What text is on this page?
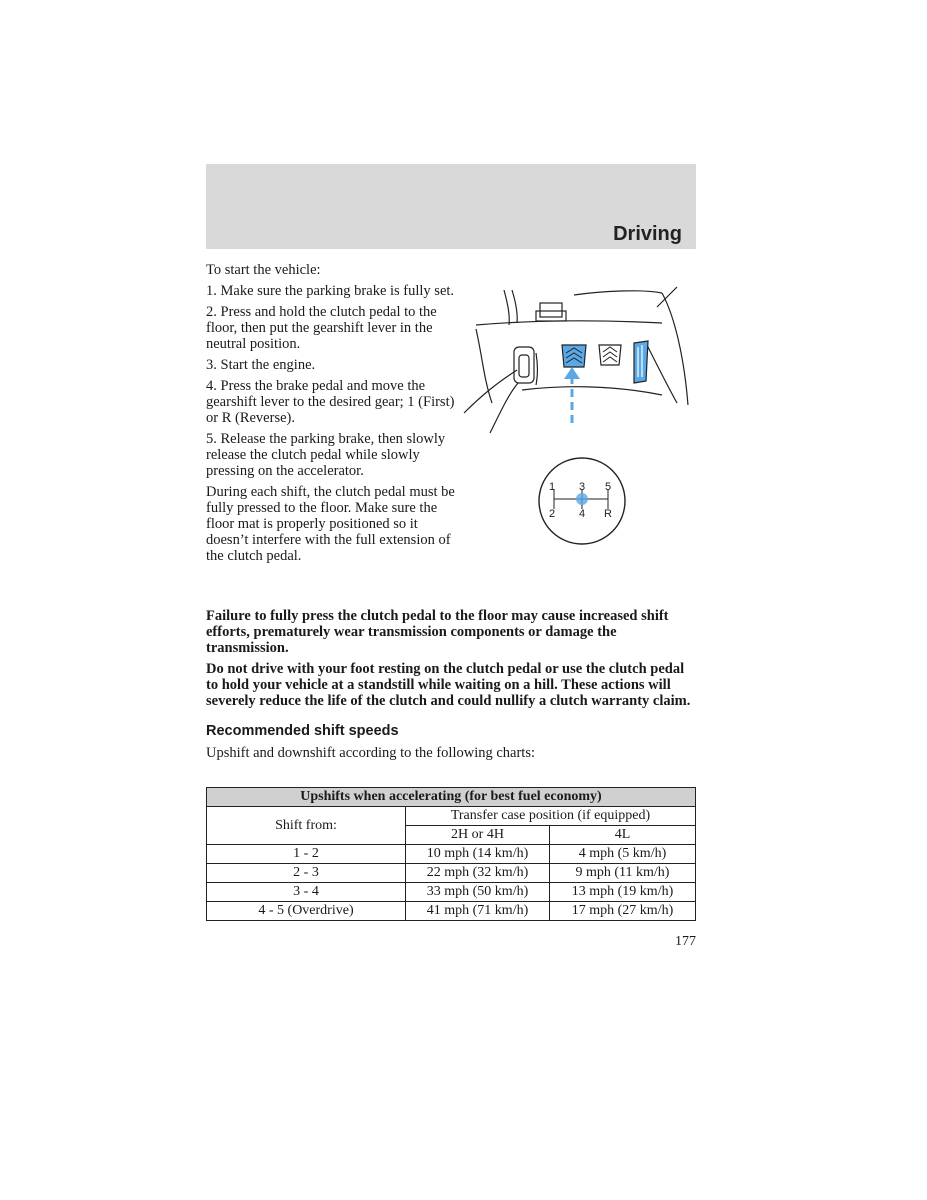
Driving

To start the vehicle:

1. Make sure the parking brake is fully set.

2. Press and hold the clutch pedal to the floor, then put the gearshift lever in the neutral position.

3. Start the engine.

4. Press the brake pedal and move the gearshift lever to the desired gear; 1 (First) or R (Reverse).

5. Release the parking brake, then slowly release the clutch pedal while slowly pressing on the accelerator.

During each shift, the clutch pedal must be fully pressed to the floor. Make sure the floor mat is properly positioned so it doesn’t interfere with the full extension of the clutch pedal.

1 3 5
2 4 R

Failure to fully press the clutch pedal to the floor may cause increased shift efforts, prematurely wear transmission components or damage the transmission.

Do not drive with your foot resting on the clutch pedal or use the clutch pedal to hold your vehicle at a standstill while waiting on a hill. These actions will severely reduce the life of the clutch and could nullify a clutch warranty claim.

Recommended shift speeds

Upshift and downshift according to the following charts:

Upshifts when accelerating (for best fuel economy)		
Shift from:	Transfer case position (if equipped)	
	2H or 4H	4L
1 - 2	10 mph (14 km/h)	4 mph (5 km/h)
2 - 3	22 mph (32 km/h)	9 mph (11 km/h)
3 - 4	33 mph (50 km/h)	13 mph (19 km/h)
4 - 5 (Overdrive)	41 mph (71 km/h)	17 mph (27 km/h)
177
